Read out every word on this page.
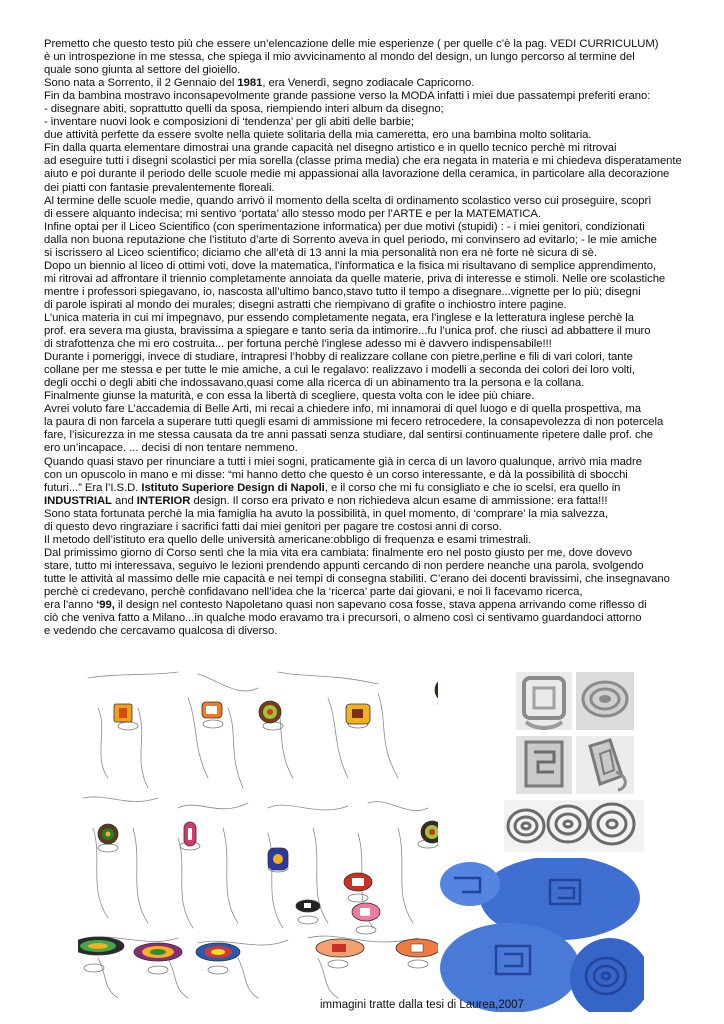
Premetto che questo testo più che essere un’elencazione delle mie esperienze ( per quelle c’è la pag. VEDI CURRICULUM)
è un introspezione in me stessa, che spiega il mio avvicinamento al mondo del design, un lungo percorso al termine del
quale sono giunta al settore del gioiello.
Sono nata a Sorrento, il 2 Gennaio del 1981, era Venerdì, segno zodiacale Capricorno.
Fin da bambina mostravo inconsapevolmente grande passione verso la MODA infatti i miei due passatempi preferiti erano:
- disegnare abiti, soprattutto quelli da sposa, riempiendo interi album da disegno;
- inventare nuovi look e composizioni di ‘tendenza’ per gli abiti delle barbie;
due attività perfette da essere svolte nella quiete solitaria della mia cameretta, ero una bambina molto solitaria.
Fin dalla quarta elementare dimostrai una grande capacità nel disegno artistico e in quello tecnico perchè mi ritrovai
ad eseguire tutti i disegni scolastici per mia sorella (classe prima media) che era negata in materia e mi chiedeva disperatamente
aiuto e poi durante il periodo delle scuole medie mi appassionai alla lavorazione della ceramica, in particolare alla decorazione
dei piatti con fantasie prevalentemente floreali.
Al termine delle scuole medie, quando arrivò il momento della scelta di ordinamento scolastico verso cui proseguire, scoprì
di essere alquanto indecisa; mi sentivo ‘portata’ allo stesso modo per l’ARTE e per la MATEMATICA.
Infine optai per il Liceo Scientifico (con sperimentazione informatica) per due motivi (stupidi) : - i miei genitori, condizionati
dalla non buona reputazione che l’istituto d’arte di Sorrento aveva in quel periodo, mi convinsero ad evitarlo; - le mie amiche
si iscrissero al Liceo scientifico; diciamo che all’età di 13 anni la mia personalità non era nè forte nè sicura di sè.
Dopo un biennio al liceo di ottimi voti, dove la matematica, l’informatica e la fisica mi risultavano di semplice apprendimento,
mi ritrovai ad affrontare il triennio completamente annoiata da quelle materie, priva di interesse e stimoli. Nelle ore scolastiche
mentre i professori spiegavano, io, nascosta all’ultimo banco,stavo tutto il tempo a disegnare...vignette per lo più; disegni
di parole ispirati al mondo dei murales; disegni astratti che riempivano di grafite o inchiostro intere pagine.
L’unica materia in cui mi impegnavo, pur essendo completamente negata, era l’inglese e la letteratura inglese perchè la
prof. era severa ma giusta, bravissima a spiegare e tanto seria da intimorire...fu l’unica prof. che riuscì ad abbattere il muro
di strafottenza che mi ero costruita... per fortuna perchè l’inglese adesso mi è davvero indispensabile!!!
Durante i pomeriggi, invece di studiare, intrapresi l’hobby di realizzare collane con pietre,perline e fili di vari colori, tante
collane per me stessa e per tutte le mie amiche, a cui le regalavo: realizzavo i modelli a seconda dei colori dei loro volti,
degli occhi o degli abiti che indossavano,quasi come alla ricerca di un abinamento tra la persona e la collana.
Finalmente giunse la maturità, e con essa la libertà di scegliere, questa volta con le idee più chiare.
Avrei voluto fare L’accademia di Belle Arti, mi recai a chiedere info, mi innamorai di quel luogo e di quella prospettiva, ma
la paura di non farcela a superare tutti quegli esami di ammissione mi fecero retrocedere, la consapevolezza di non potercela
fare, l’isicurezza in me stessa causata da tre anni passati senza studiare, dal sentirsi continuamente ripetere dalle prof. che
ero un’incapace. ... decisi di non tentare nemmeno.
Quando quasi stavo per rinunciare a tutti i miei sogni, praticamente già in cerca di un lavoro qualunque, arrivò mia madre
con un opuscolo in mano e mi disse: “mi hanno detto che questo è un corso interessante, e dà la possibilità di sbocchi
futuri...” Era l’I.S.D. Istituto Superiore Design di Napoli, e il corso che mi fu consigliato e che io scelsi, era quello in
INDUSTRIAL and INTERIOR design. Il corso era privato e non richiedeva alcun esame di ammissione: era fatta!!!
Sono stata fortunata perchè la mia famiglia ha avuto la possibilità, in quel momento, di ‘comprare’ la mia salvezza,
di questo devo ringraziare i sacrifici fatti dai miei genitori per pagare tre costosi anni di corso.
Il metodo dell’istituto era quello delle università americane:obbligo di frequenza e esami trimestrali.
Dal primissimo giorno di Corso sentì che la mia vita era cambiata: finalmente ero nel posto giusto per me, dove dovevo
stare, tutto mi interessava, seguivo le lezioni prendendo appunti cercando di non perdere neanche una parola, svolgendo
tutte le attività al massimo delle mie capacità e nei tempi di consegna stabiliti. C’erano dei docenti bravissimi, che insegnavano
perchè ci credevano, perchè confidavano nell’idea che la ‘ricerca’ parte dai giovani, e noi lì facevamo ricerca,
era l’anno ‘99, il design nel contesto Napoletano quasi non sapevano cosa fosse, stava appena arrivando come riflesso di
ciò che veniva fatto a Milano...in qualche modo eravamo tra i precursori, o almeno così ci sentivamo guardandoci attorno
e vedendo che cercavamo qualcosa di diverso.
immagini tratte dalla tesi di Laurea,2007
